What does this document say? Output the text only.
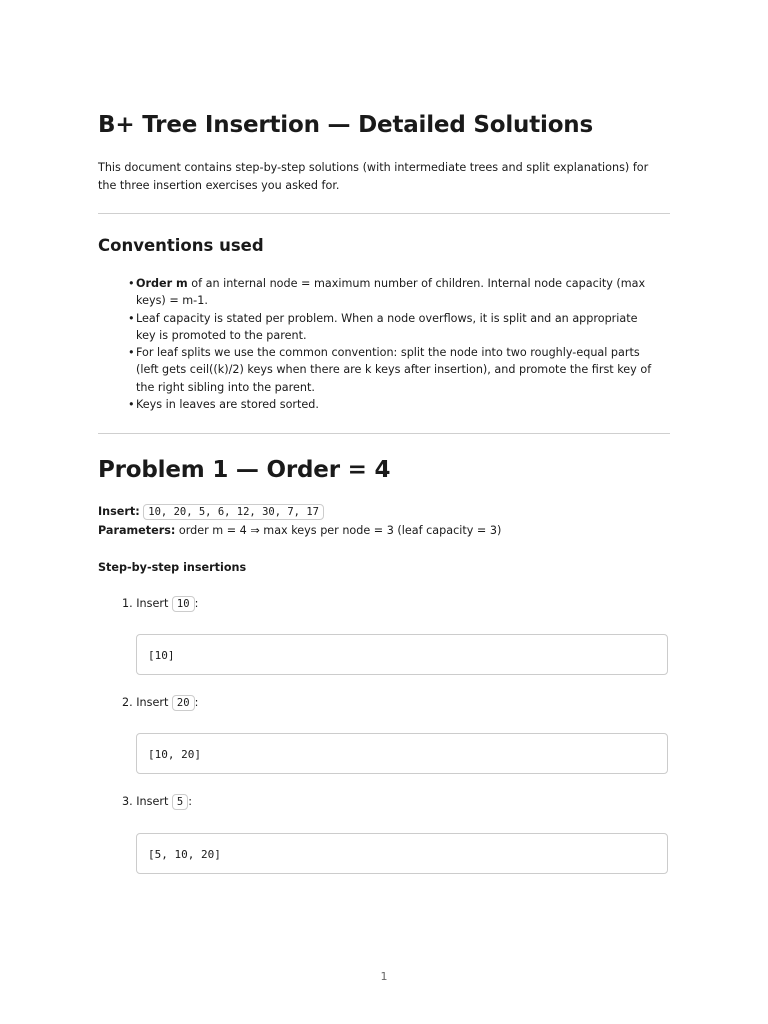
B+ Tree Insertion — Detailed Solutions

This document contains step-by-step solutions (with intermediate trees and split explanations) for the three insertion exercises you asked for.

Conventions used
• Order m of an internal node = maximum number of children. Internal node capacity (max keys) = m-1.
• Leaf capacity is stated per problem. When a node overflows, it is split and an appropriate key is promoted to the parent.
• For leaf splits we use the common convention: split the node into two roughly-equal parts (left gets ceil((k)/2) keys when there are k keys after insertion), and promote the first key of the right sibling into the parent.
• Keys in leaves are stored sorted.
Problem 1 — Order = 4
Insert: 10, 20, 5, 6, 12, 30, 7, 17
Parameters: order m = 4 ⇒ max keys per node = 3 (leaf capacity = 3)
Step-by-step insertions
1. Insert 10 :
[10]
2. Insert 20 :
[10, 20]
3. Insert 5 :
[5, 10, 20]
1
